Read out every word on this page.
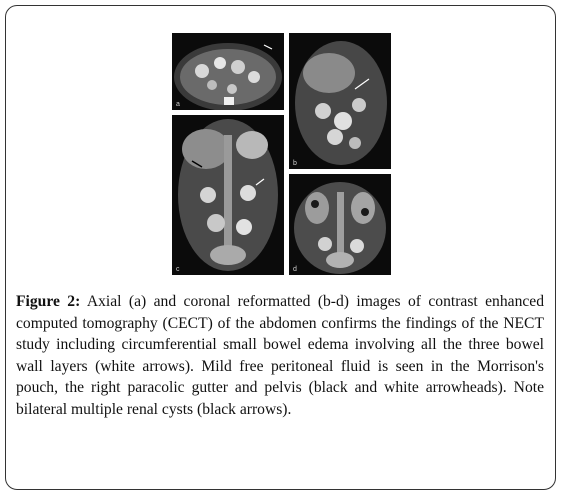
a
b
c	d

Figure 2: Axial (a) and coronal reformatted (b-d) images of contrast enhanced computed tomography (CECT) of the abdomen confirms the findings of the NECT study including circumferential small bowel edema involving all the three bowel wall layers (white arrows). Mild free peritoneal fluid is seen in the Morrison's pouch, the right paracolic gutter and pelvis (black and white arrowheads). Note bilateral multiple renal cysts (black arrows).
